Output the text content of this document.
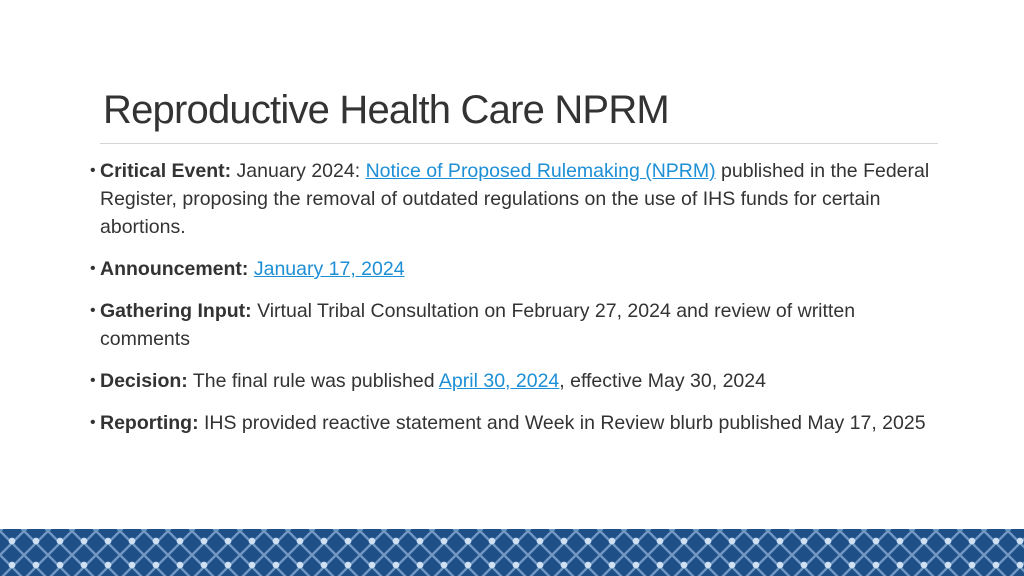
Reproductive Health Care NPRM
• Critical Event: January 2024: Notice of Proposed Rulemaking (NPRM) published in the Federal Register, proposing the removal of outdated regulations on the use of IHS funds for certain abortions.
• Announcement: January 17, 2024
• Gathering Input: Virtual Tribal Consultation on February 27, 2024 and review of written comments
• Decision: The final rule was published April 30, 2024, effective May 30, 2024
• Reporting: IHS provided reactive statement and Week in Review blurb published May 17, 2025
